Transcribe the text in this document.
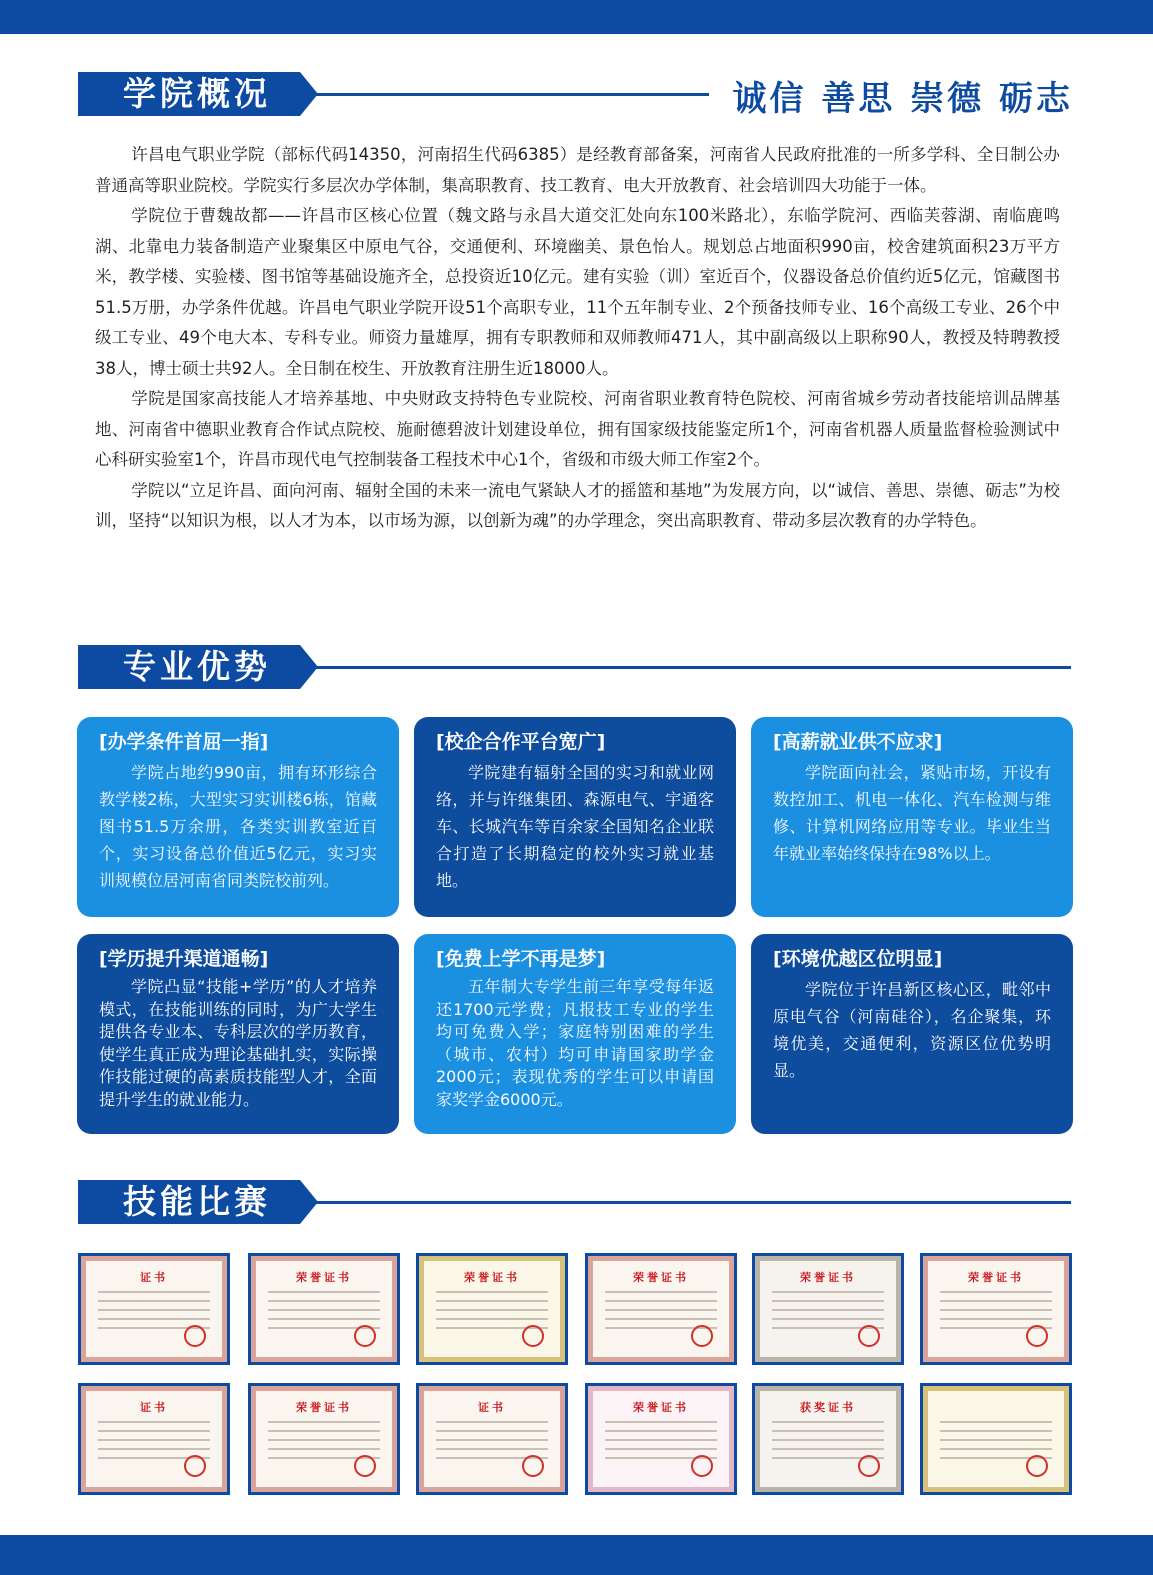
学院概况	诚信 善思 崇德 砺志

许昌电气职业学院（部标代码14350，河南招生代码6385）是经教育部备案，河南省人民政府批准的一所多学科、全日制公办普通高等职业院校。学院实行多层次办学体制，集高职教育、技工教育、电大开放教育、社会培训四大功能于一体。

学院位于曹魏故都——许昌市区核心位置（魏文路与永昌大道交汇处向东100米路北），东临学院河、西临芙蓉湖、南临鹿鸣湖、北靠电力装备制造产业聚集区中原电气谷，交通便利、环境幽美、景色怡人。规划总占地面积990亩，校舍建筑面积23万平方米，教学楼、实验楼、图书馆等基础设施齐全，总投资近10亿元。建有实验（训）室近百个，仪器设备总价值约近5亿元，馆藏图书51.5万册，办学条件优越。许昌电气职业学院开设51个高职专业，11个五年制专业、2个预备技师专业、16个高级工专业、26个中级工专业、49个电大本、专科专业。师资力量雄厚，拥有专职教师和双师教师471人，其中副高级以上职称90人，教授及特聘教授38人，博士硕士共92人。全日制在校生、开放教育注册生近18000人。

学院是国家高技能人才培养基地、中央财政支持特色专业院校、河南省职业教育特色院校、河南省城乡劳动者技能培训品牌基地、河南省中德职业教育合作试点院校、施耐德碧波计划建设单位，拥有国家级技能鉴定所1个，河南省机器人质量监督检验测试中心科研实验室1个，许昌市现代电气控制装备工程技术中心1个，省级和市级大师工作室2个。

学院以“立足许昌、面向河南、辐射全国的未来一流电气紧缺人才的摇篮和基地”为发展方向，以“诚信、善思、崇德、砺志”为校训，坚持“以知识为根，以人才为本，以市场为源，以创新为魂”的办学理念，突出高职教育、带动多层次教育的办学特色。

专业优势
[办学条件首屈一指]
学院占地约990亩，拥有环形综合教学楼2栋，大型实习实训楼6栋，馆藏图书51.5万余册，各类实训教室近百个，实习设备总价值近5亿元，实习实训规模位居河南省同类院校前列。
[校企合作平台宽广]
学院建有辐射全国的实习和就业网络，并与许继集团、森源电气、宇通客车、长城汽车等百余家全国知名企业联合打造了长期稳定的校外实习就业基地。
[高薪就业供不应求]
学院面向社会，紧贴市场，开设有数控加工、机电一体化、汽车检测与维修、计算机网络应用等专业。毕业生当年就业率始终保持在98%以上。
[学历提升渠道通畅]
学院凸显“技能+学历”的人才培养模式，在技能训练的同时，为广大学生提供各专业本、专科层次的学历教育，使学生真正成为理论基础扎实，实际操作技能过硬的高素质技能型人才，全面提升学生的就业能力。
[免费上学不再是梦]
五年制大专学生前三年享受每年返还1700元学费；凡报技工专业的学生均可免费入学；家庭特别困难的学生（城市、农村）均可申请国家助学金2000元；表现优秀的学生可以申请国家奖学金6000元。
[环境优越区位明显]
学院位于许昌新区核心区，毗邻中原电气谷（河南硅谷），名企聚集，环境优美，交通便利，资源区位优势明显。
技能比赛
证书	荣誉证书	荣誉证书	荣誉证书	荣誉证书	荣誉证书
证书	荣誉证书	证书	荣誉证书	获奖证书
